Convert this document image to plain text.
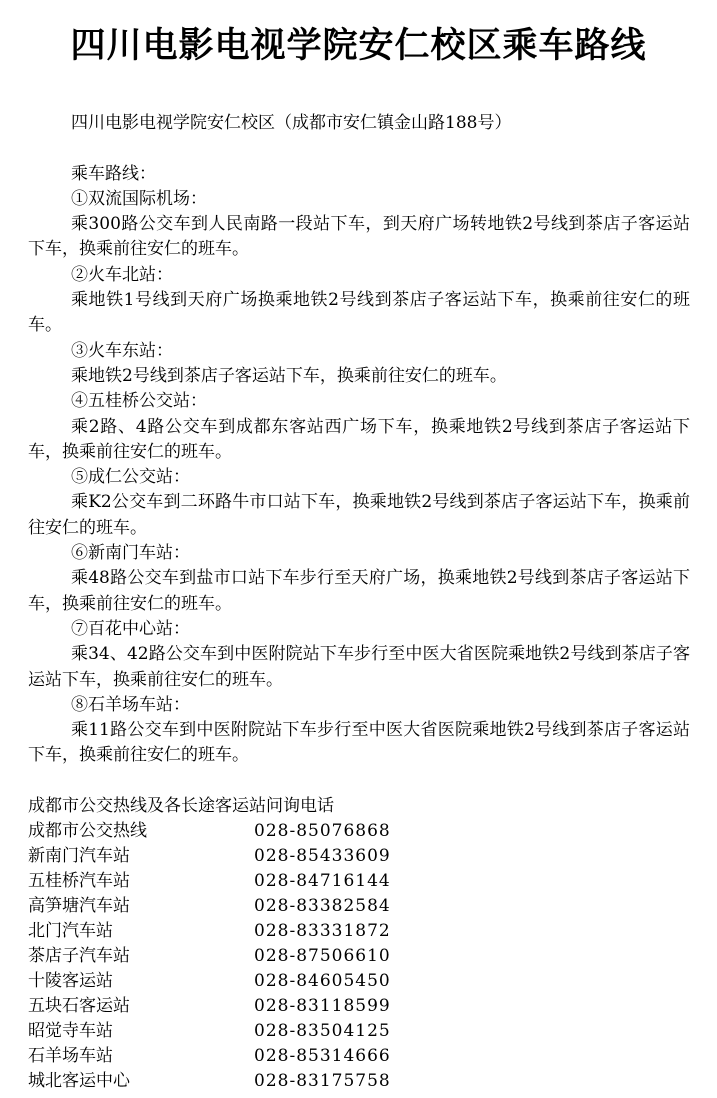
四川电影电视学院安仁校区乘车路线
四川电影电视学院安仁校区（成都市安仁镇金山路188号）
乘车路线：
①双流国际机场：
乘300路公交车到人民南路一段站下车，到天府广场转地铁2号线到茶店子客运站下车，换乘前往安仁的班车。
②火车北站：
乘地铁1号线到天府广场换乘地铁2号线到茶店子客运站下车，换乘前往安仁的班车。
③火车东站：
乘地铁2号线到茶店子客运站下车，换乘前往安仁的班车。
④五桂桥公交站：
乘2路、4路公交车到成都东客站西广场下车，换乘地铁2号线到茶店子客运站下车，换乘前往安仁的班车。
⑤成仁公交站：
乘K2公交车到二环路牛市口站下车，换乘地铁2号线到茶店子客运站下车，换乘前往安仁的班车。
⑥新南门车站：
乘48路公交车到盐市口站下车步行至天府广场，换乘地铁2号线到茶店子客运站下车，换乘前往安仁的班车。
⑦百花中心站：
乘34、42路公交车到中医附院站下车步行至中医大省医院乘地铁2号线到茶店子客运站下车，换乘前往安仁的班车。
⑧石羊场车站：
乘11路公交车到中医附院站下车步行至中医大省医院乘地铁2号线到茶店子客运站下车，换乘前往安仁的班车。
成都市公交热线及各长途客运站问询电话
成都市公交热线	028-85076868
新南门汽车站	028-85433609
五桂桥汽车站	028-84716144
高笋塘汽车站	028-83382584
北门汽车站	028-83331872
茶店子汽车站	028-87506610
十陵客运站	028-84605450
五块石客运站	028-83118599
昭觉寺车站	028-83504125
石羊场车站	028-85314666
城北客运中心	028-83175758
